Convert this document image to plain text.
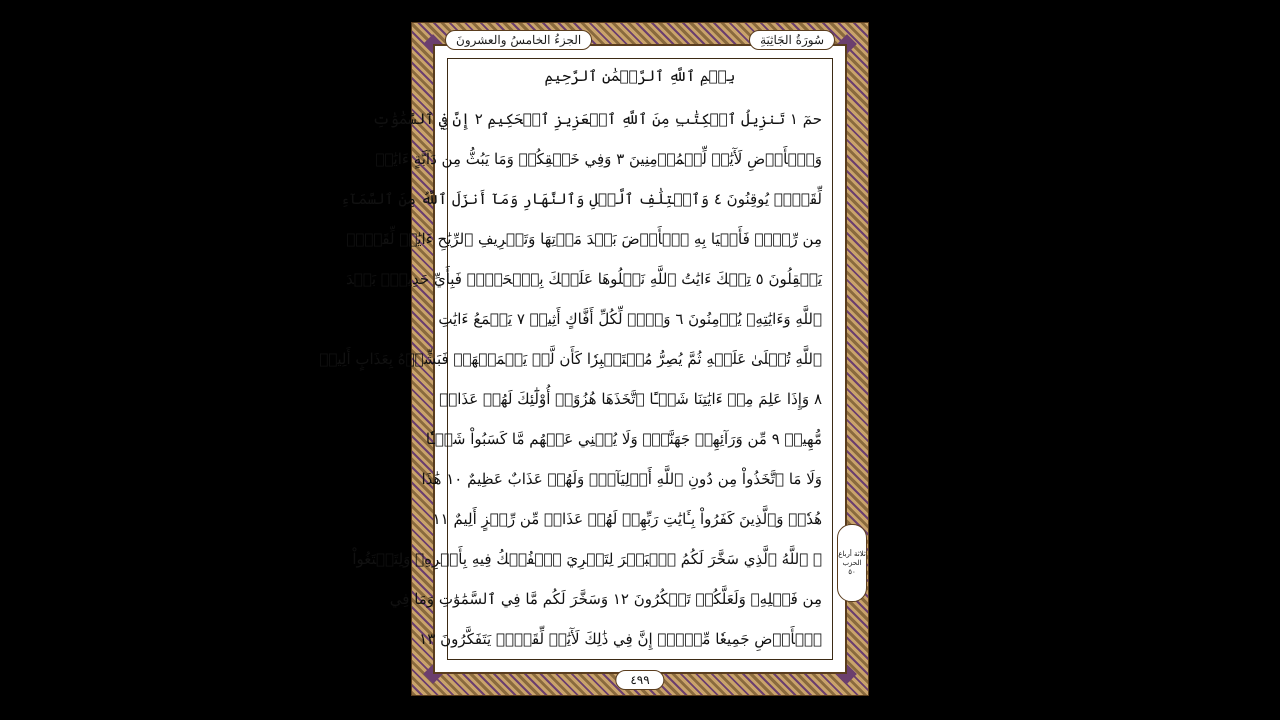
الجزءُ الخامسُ والعشرونَ	سُورَةُ الجَاثِيَةِ
بِسۡمِ ٱللَّهِ ٱلرَّحۡمَٰنِ ٱلرَّحِيمِ
حمٓ ١ تَنزِيلُ ٱلۡكِتَٰبِ مِنَ ٱللَّهِ ٱلۡعَزِيزِ ٱلۡحَكِيمِ ٢ إِنَّ فِي ٱلسَّمَٰوَٰتِ
وَٱلۡأَرۡضِ لَأٓيَٰتٖ لِّلۡمُؤۡمِنِينَ ٣ وَفِي خَلۡقِكُمۡ وَمَا يَبُثُّ مِن دَآبَّةٍ ءَايَٰتٞ
لِّقَوۡمٖ يُوقِنُونَ ٤ وَٱخۡتِلَٰفِ ٱلَّيۡلِ وَٱلنَّهَارِ وَمَآ أَنزَلَ ٱللَّهُ مِنَ ٱلسَّمَآءِ
مِن رِّزۡقٖ فَأَحۡيَا بِهِ ٱلۡأَرۡضَ بَعۡدَ مَوۡتِهَا وَتَصۡرِيفِ ٱلرِّيَٰحِ ءَايَٰتٞ لِّقَوۡمٖ
يَعۡقِلُونَ ٥ تِلۡكَ ءَايَٰتُ ٱللَّهِ نَتۡلُوهَا عَلَيۡكَ بِٱلۡحَقِّۖ فَبِأَيِّ حَدِيثِۭ بَعۡدَ
ٱللَّهِ وَءَايَٰتِهِۦ يُؤۡمِنُونَ ٦ وَيۡلٞ لِّكُلِّ أَفَّاكٍ أَثِيمٖ ٧ يَسۡمَعُ ءَايَٰتِ
ٱللَّهِ تُتۡلَىٰ عَلَيۡهِ ثُمَّ يُصِرُّ مُسۡتَكۡبِرٗا كَأَن لَّمۡ يَسۡمَعۡهَاۖ فَبَشِّرۡهُ بِعَذَابٍ أَلِيمٖ
٨ وَإِذَا عَلِمَ مِنۡ ءَايَٰتِنَا شَيۡـًٔا ٱتَّخَذَهَا هُزُوًاۚ أُوْلَٰٓئِكَ لَهُمۡ عَذَابٞ
مُّهِينٞ ٩ مِّن وَرَآئِهِمۡ جَهَنَّمُۖ وَلَا يُغۡنِي عَنۡهُم مَّا كَسَبُواْ شَيۡـٔٗا
وَلَا مَا ٱتَّخَذُواْ مِن دُونِ ٱللَّهِ أَوۡلِيَآءَۖ وَلَهُمۡ عَذَابٌ عَظِيمٌ ١٠ هَٰذَا
هُدٗىۖ وَٱلَّذِينَ كَفَرُواْ بِـَٔايَٰتِ رَبِّهِمۡ لَهُمۡ عَذَابٞ مِّن رِّجۡزٍ أَلِيمٌ ١١
۞ ٱللَّهُ ٱلَّذِي سَخَّرَ لَكُمُ ٱلۡبَحۡرَ لِتَجۡرِيَ ٱلۡفُلۡكُ فِيهِ بِأَمۡرِهِۦ وَلِتَبۡتَغُواْ
مِن فَضۡلِهِۦ وَلَعَلَّكُمۡ تَشۡكُرُونَ ١٢ وَسَخَّرَ لَكُم مَّا فِي ٱلسَّمَٰوَٰتِ وَمَا فِي
ٱلۡأَرۡضِ جَمِيعٗا مِّنۡهُۚ إِنَّ فِي ذَٰلِكَ لَأٓيَٰتٖ لِّقَوۡمٖ يَتَفَكَّرُونَ ١٣
ثلاثة أرباع
الحزب
٥٠
٤٩٩
